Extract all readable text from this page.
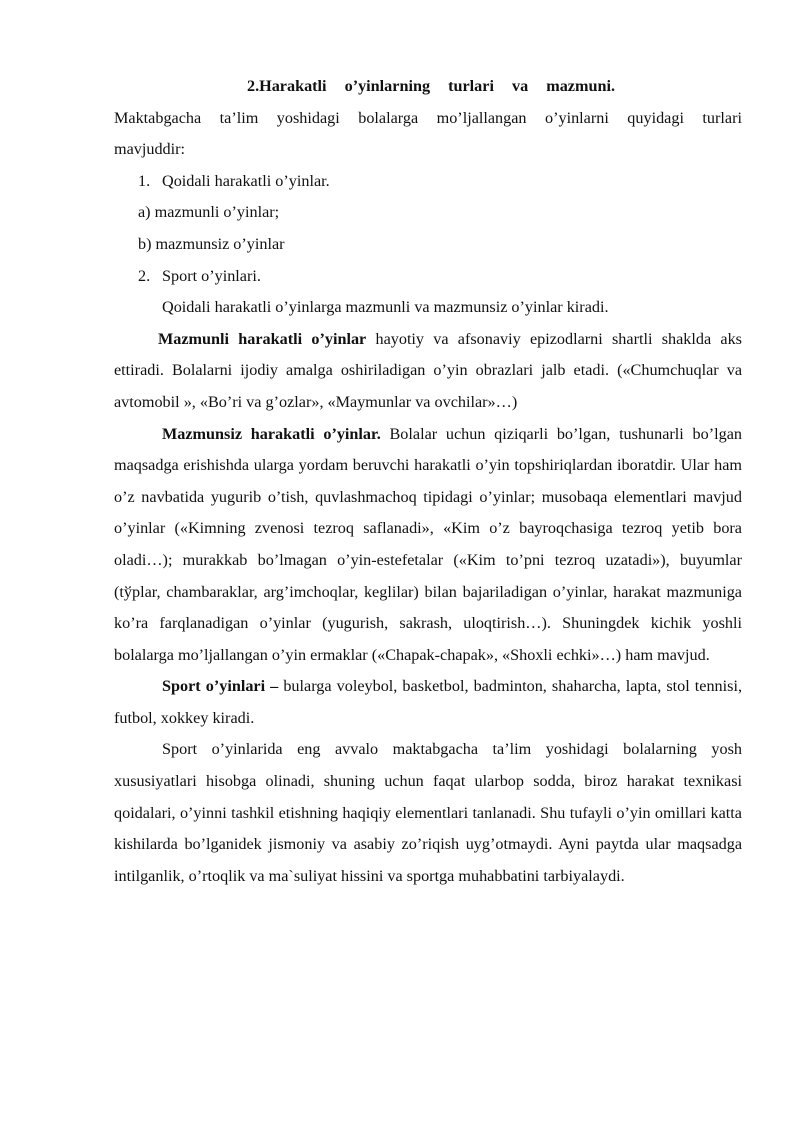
2.Harakatli o’yinlarning turlari va mazmuni.

Maktabgacha ta’lim yoshidagi bolalarga mo’ljallangan o’yinlarni quyidagi turlari mavjuddir:

1. Qoidali harakatli o’yinlar.
a) mazmunli o’yinlar;
b) mazmunsiz o’yinlar
2. Sport o’yinlari.
Qoidali harakatli o’yinlarga mazmunli va mazmunsiz o’yinlar kiradi.

Mazmunli harakatli o’yinlar hayotiy va afsonaviy epizodlarni shartli shaklda aks ettiradi. Bolalarni ijodiy amalga oshiriladigan o’yin obrazlari jalb etadi. («Chumchuqlar va avtomobil », «Bo’ri va g’ozlar», «Maymunlar va ovchilar»…)

Mazmunsiz harakatli o’yinlar. Bolalar uchun qiziqarli bo’lgan, tushunarli bo’lgan maqsadga erishishda ularga yordam beruvchi harakatli o’yin topshiriqlardan iboratdir. Ular ham o’z navbatida yugurib o’tish, quvlashmachoq tipidagi o’yinlar; musobaqa elementlari mavjud o’yinlar («Kimning zvenosi tezroq saflanadi», «Kim o’z bayroqchasiga tezroq yetib bora oladi…); murakkab bo’lmagan o’yin-estefetalar («Kim to’pni tezroq uzatadi»), buyumlar (tўplar, chambaraklar, arg’imchoqlar, keglilar) bilan bajariladigan o’yinlar, harakat mazmuniga ko’ra farqlanadigan o’yinlar (yugurish, sakrash, uloqtirish…). Shuningdek kichik yoshli bolalarga mo’ljallangan o’yin ermaklar («Chapak-chapak», «Shoxli echki»…) ham mavjud.

Sport o’yinlari – bularga voleybol, basketbol, badminton, shaharcha, lapta, stol tennisi, futbol, xokkey kiradi.

Sport o’yinlarida eng avvalo maktabgacha ta’lim yoshidagi bolalarning yosh xususiyatlari hisobga olinadi, shuning uchun faqat ularbop sodda, biroz harakat texnikasi qoidalari, o’yinni tashkil etishning haqiqiy elementlari tanlanadi. Shu tufayli o’yin omillari katta kishilarda bo’lganidek jismoniy va asabiy zo’riqish uyg’otmaydi. Ayni paytda ular maqsadga intilganlik, o’rtoqlik va ma`suliyat hissini va sportga muhabbatini tarbiyalaydi.
